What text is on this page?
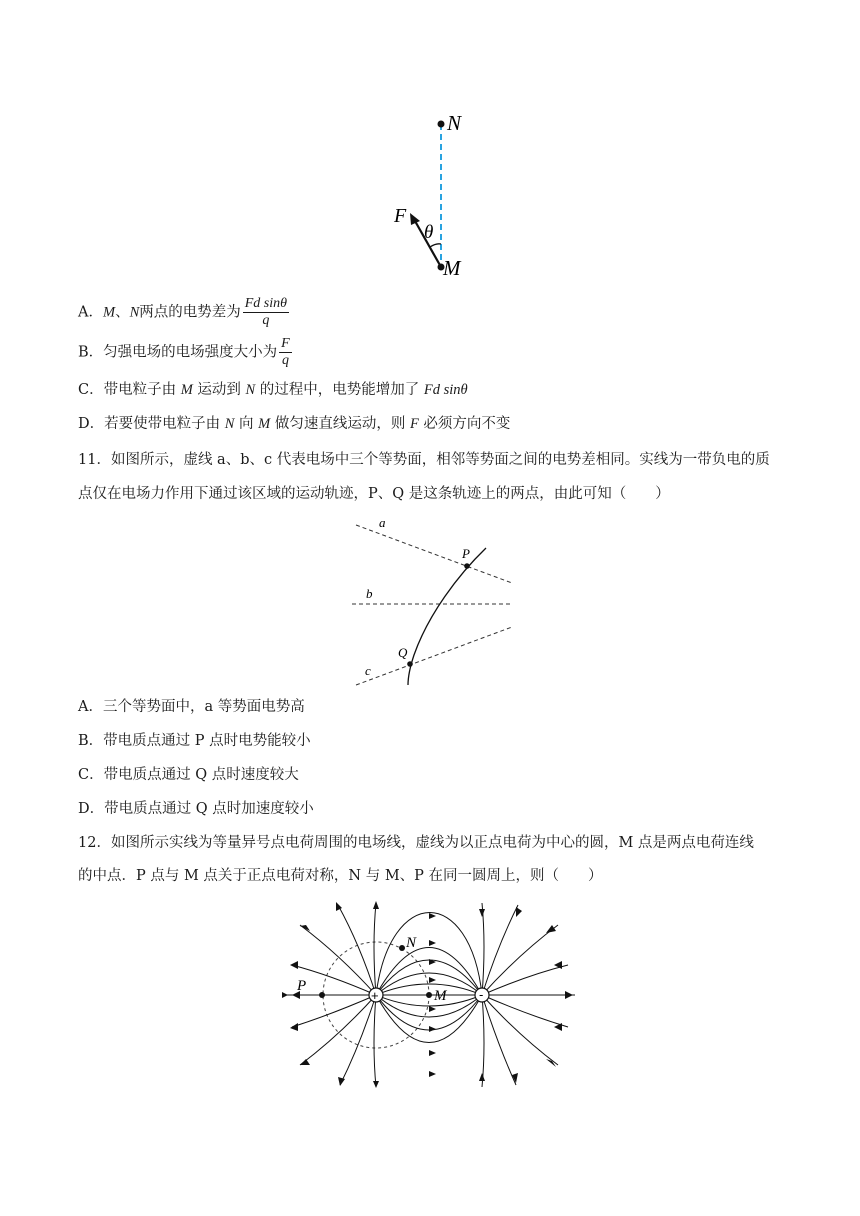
N
M
F
θ
A．M、N两点的电势差为 $\frac{\text{Fd sinθ}}{q}$
B．匀强电场的电场强度大小为 $\frac{F}{q}$
C．带电粒子由 M 运动到 N 的过程中，电势能增加了 Fd sinθ
D．若要使带电粒子由 N 向 M 做匀速直线运动，则 F 必须方向不变
11．如图所示，虚线 a、b、c 代表电场中三个等势面，相邻等势面之间的电势差相同。实线为一带负电的质
点仅在电场力作用下通过该区域的运动轨迹，P、Q 是这条轨迹上的两点，由此可知（　　）
a
b
c
P
Q
A．三个等势面中，a 等势面电势高
B．带电质点通过 P 点时电势能较小
C．带电质点通过 Q 点时速度较大
D．带电质点通过 Q 点时加速度较小
12．如图所示实线为等量异号点电荷周围的电场线，虚线为以正点电荷为中心的圆，M 点是两点电荷连线
的中点．P 点与 M 点关于正点电荷对称，N 与 M、P 在同一圆周上，则（　　）
+	-
P
N
M
